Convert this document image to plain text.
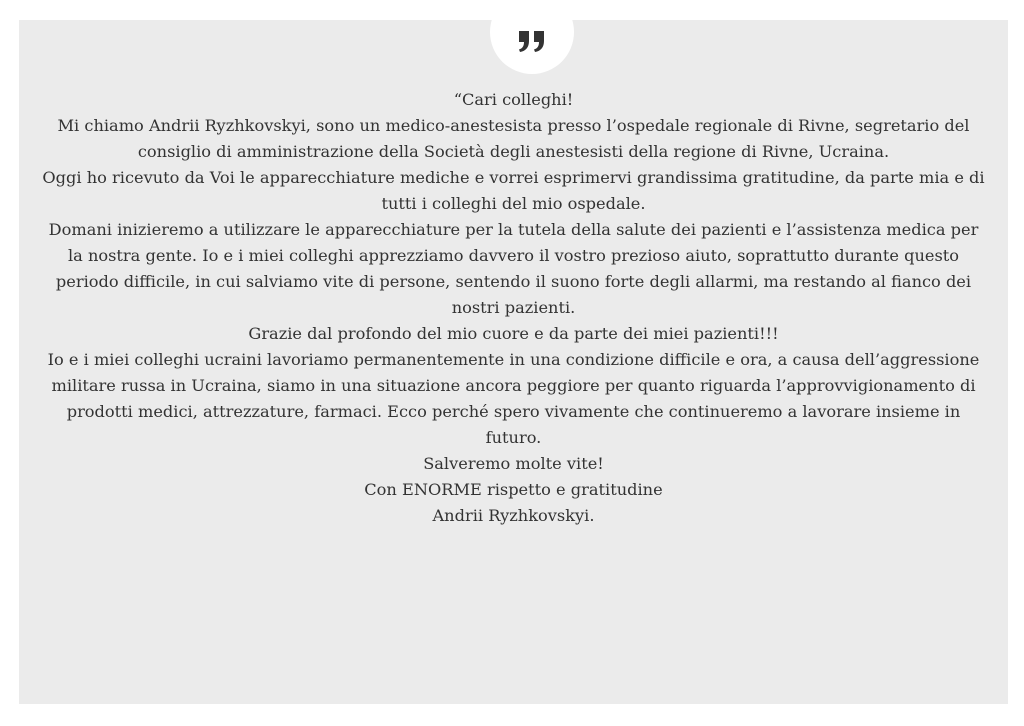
“Cari colleghi!

Mi chiamo Andrii Ryzhkovskyi, sono un medico-anestesista presso l’ospedale regionale di Rivne, segretario del consiglio di amministrazione della Società degli anestesisti della regione di Rivne, Ucraina.

Oggi ho ricevuto da Voi le apparecchiature mediche e vorrei esprimervi grandissima gratitudine, da parte mia e di tutti i colleghi del mio ospedale.

Domani inizieremo a utilizzare le apparecchiature per la tutela della salute dei pazienti e l’assistenza medica per la nostra gente. Io e i miei colleghi apprezziamo davvero il vostro prezioso aiuto, soprattutto durante questo periodo difficile, in cui salviamo vite di persone, sentendo il suono forte degli allarmi, ma restando al fianco dei nostri pazienti.

Grazie dal profondo del mio cuore e da parte dei miei pazienti!!!

Io e i miei colleghi ucraini lavoriamo permanentemente in una condizione difficile e ora, a causa dell’aggressione militare russa in Ucraina, siamo in una situazione ancora peggiore per quanto riguarda l’approvvigionamento di prodotti medici, attrezzature, farmaci. Ecco perché spero vivamente che continueremo a lavorare insieme in futuro.

Salveremo molte vite!

Con ENORME rispetto e gratitudine

Andrii Ryzhkovskyi.
